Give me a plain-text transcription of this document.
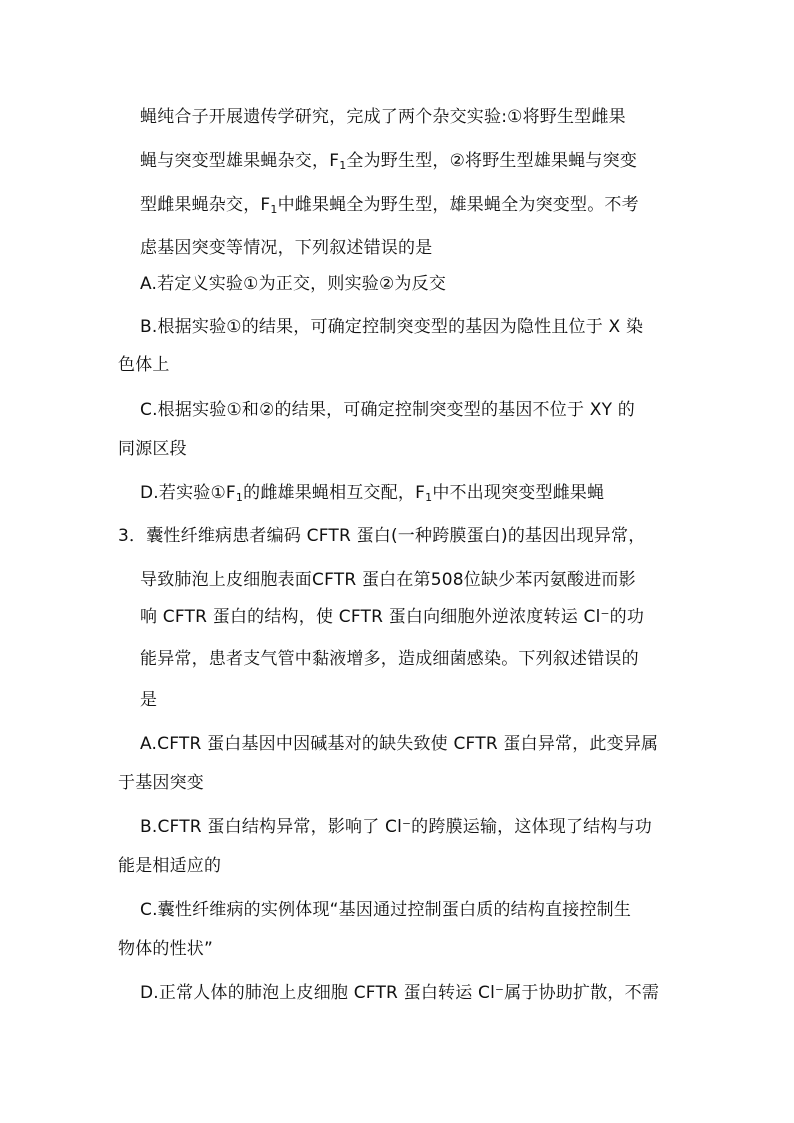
蝇纯合子开展遗传学研究，完成了两个杂交实验:①将野生型雌果
蝇与突变型雄果蝇杂交，$F_1$全为野生型，②将野生型雄果蝇与突变
型雌果蝇杂交，$F_1$中雌果蝇全为野生型，雄果蝇全为突变型。不考
虑基因突变等情况，下列叙述错误的是
A.若定义实验①为正交，则实验②为反交
B.根据实验①的结果，可确定控制突变型的基因为隐性且位于 X 染
色体上
C.根据实验①和②的结果，可确定控制突变型的基因不位于 XY 的
同源区段
D.若实验$①F_1$的雌雄果蝇相互交配，$F_1$中不出现突变型雌果蝇
3．囊性纤维病患者编码 CFTR 蛋白(一种跨膜蛋白)的基因出现异常，
导致肺泡上皮细胞表面CFTR 蛋白在第508位缺少苯丙氨酸进而影
响 CFTR 蛋白的结构，使 CFTR 蛋白向细胞外逆浓度转运 Cl⁻的功
能异常，患者支气管中黏液增多，造成细菌感染。下列叙述错误的
是
A.CFTR 蛋白基因中因碱基对的缺失致使 CFTR 蛋白异常，此变异属
于基因突变
B.CFTR 蛋白结构异常，影响了 Cl⁻的跨膜运输，这体现了结构与功
能是相适应的
C.囊性纤维病的实例体现“基因通过控制蛋白质的结构直接控制生
物体的性状”
D.正常人体的肺泡上皮细胞 CFTR 蛋白转运 Cl⁻属于协助扩散，不需
